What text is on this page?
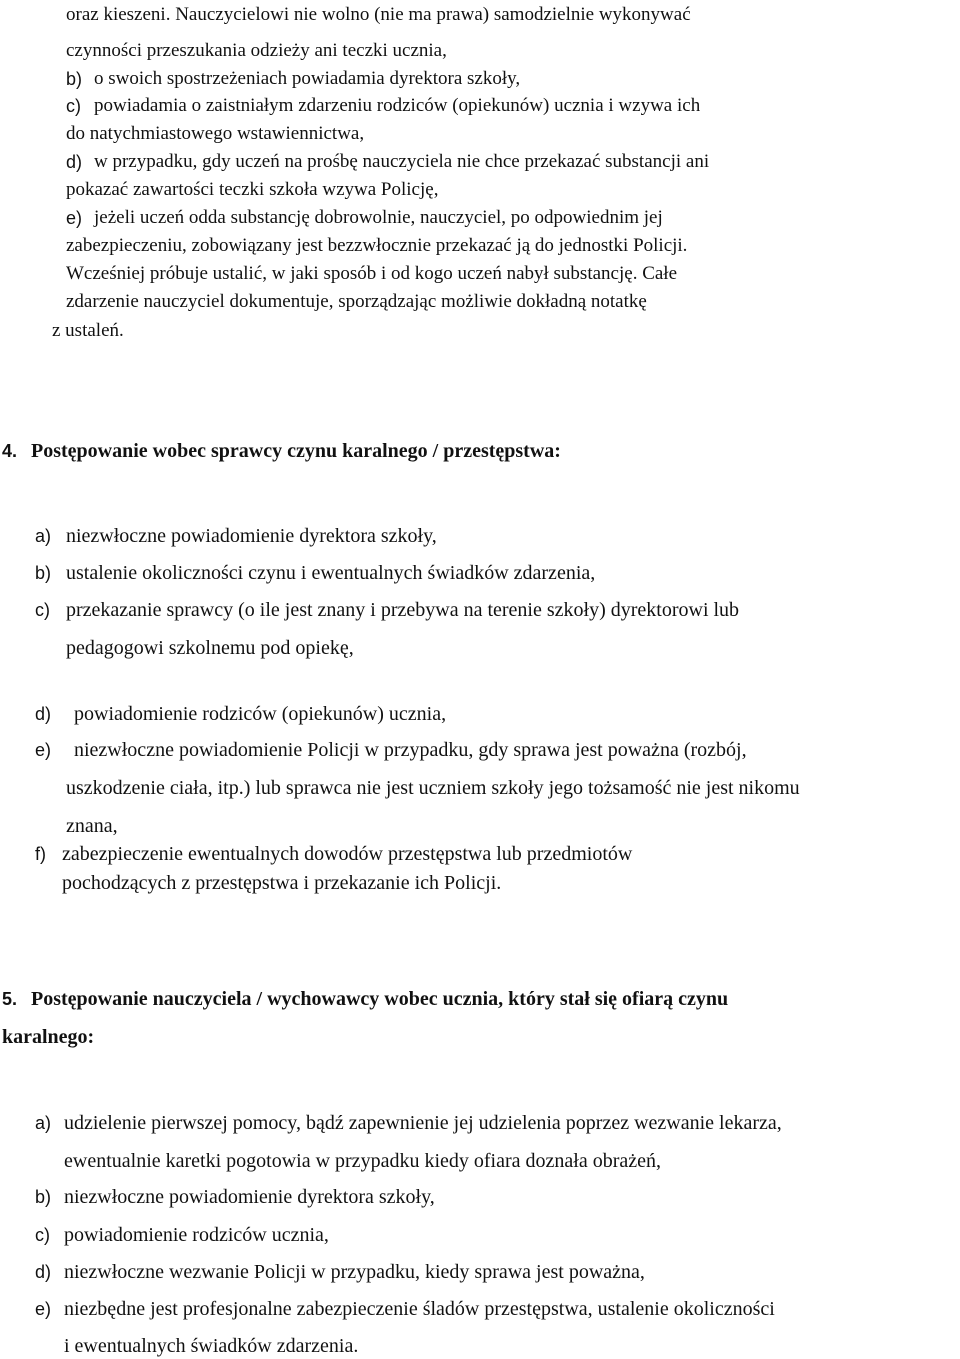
oraz kieszeni. Nauczycielowi nie wolno (nie ma prawa) samodzielnie wykonywać
czynności przeszukania odzieży ani teczki ucznia,
b) o swoich spostrzeżeniach powiadamia dyrektora szkoły,
c) powiadamia o zaistniałym zdarzeniu rodziców (opiekunów) ucznia i wzywa ich
do natychmiastowego wstawiennictwa,
d) w przypadku, gdy uczeń na prośbę nauczyciela nie chce przekazać substancji ani
pokazać zawartości teczki szkoła wzywa Policję,
e) jeżeli uczeń odda substancję dobrowolnie, nauczyciel, po odpowiednim jej
zabezpieczeniu, zobowiązany jest bezzwłocznie przekazać ją do jednostki Policji.
Wcześniej próbuje ustalić, w jaki sposób i od kogo uczeń nabył substancję. Całe
zdarzenie nauczyciel dokumentuje, sporządzając możliwie dokładną notatkę
z ustaleń.
4. Postępowanie wobec sprawcy czynu karalnego / przestępstwa:
a) niezwłoczne powiadomienie dyrektora szkoły,
b) ustalenie okoliczności czynu i ewentualnych świadków zdarzenia,
c) przekazanie sprawcy (o ile jest znany i przebywa na terenie szkoły) dyrektorowi lub
pedagogowi szkolnemu pod opiekę,
d) powiadomienie rodziców (opiekunów) ucznia,
e) niezwłoczne powiadomienie Policji w przypadku, gdy sprawa jest poważna (rozbój,
uszkodzenie ciała, itp.) lub sprawca nie jest uczniem szkoły jego tożsamość nie jest nikomu
znana,
f) zabezpieczenie ewentualnych dowodów przestępstwa lub przedmiotów
pochodzących z przestępstwa i przekazanie ich Policji.
5. Postępowanie nauczyciela / wychowawcy wobec ucznia, który stał się ofiarą czynu
karalnego:
a) udzielenie pierwszej pomocy, bądź zapewnienie jej udzielenia poprzez wezwanie lekarza,
ewentualnie karetki pogotowia w przypadku kiedy ofiara doznała obrażeń,
b) niezwłoczne powiadomienie dyrektora szkoły,
c) powiadomienie rodziców ucznia,
d) niezwłoczne wezwanie Policji w przypadku, kiedy sprawa jest poważna,
e) niezbędne jest profesjonalne zabezpieczenie śladów przestępstwa, ustalenie okoliczności
i ewentualnych świadków zdarzenia.
